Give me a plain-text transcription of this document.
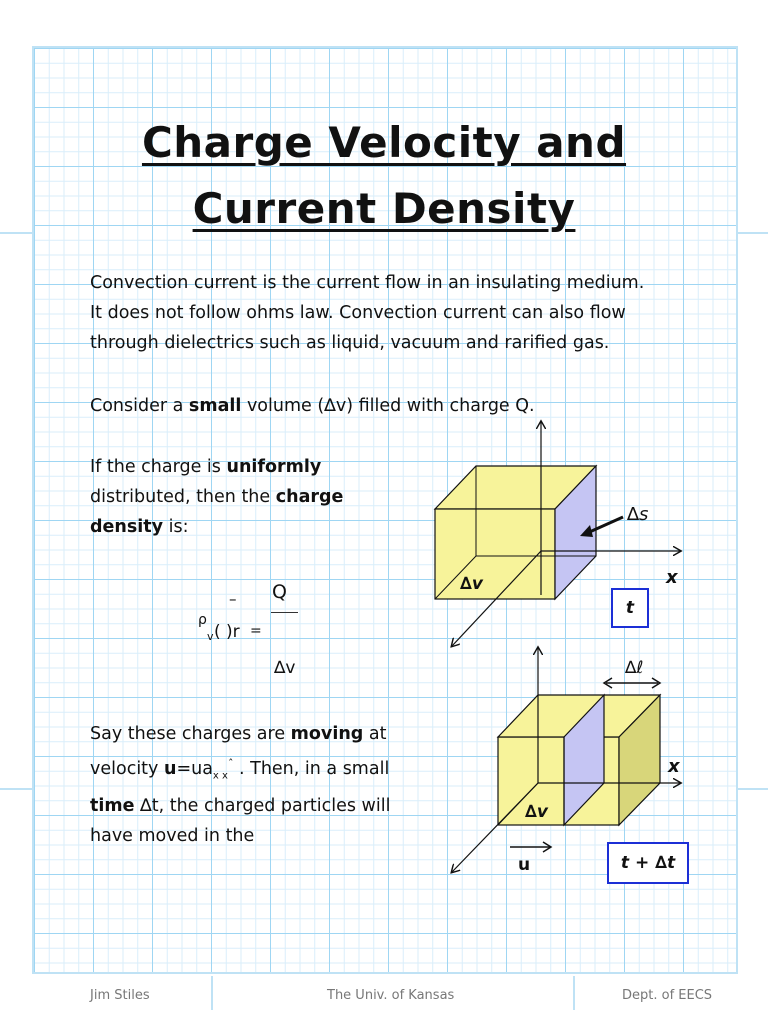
Charge Velocity and
Current Density
Convection current is the current flow in an insulating medium.
It does not follow ohms law. Convection current can also flow
through dielectrics such as liquid, vacuum and rarified gas.
Consider a small volume (∆v) filled with charge Q.
If the charge is uniformly
distributed, then the charge
density is:
ρ
–
v ( )r =
Q
∆v
Say these charges are moving at
velocity $u=ua_{x x}^ˆ$ . Then, in a small
time ∆t, the charged particles will
have moved in the
∆s
∆v	x
t
∆ℓ
∆v
x
u	t + ∆t
Jim Stiles	The Univ. of Kansas	Dept. of EECS
